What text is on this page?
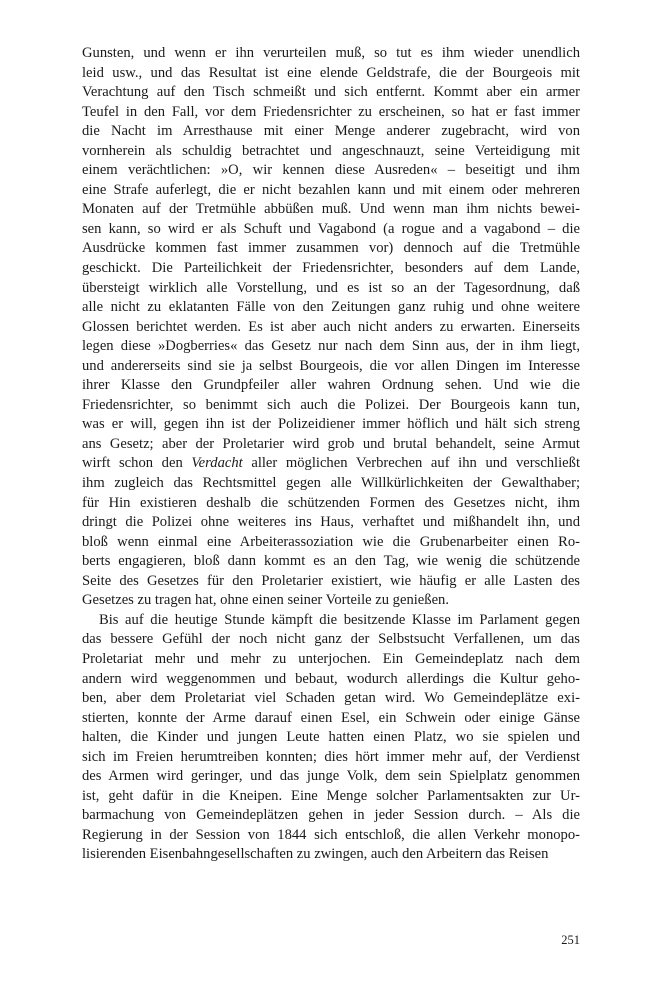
Gunsten, und wenn er ihn verurteilen muß, so tut es ihm wieder unendlich
leid usw., und das Resultat ist eine elende Geldstrafe, die der Bourgeois mit
Verachtung auf den Tisch schmeißt und sich entfernt. Kommt aber ein armer
Teufel in den Fall, vor dem Friedensrichter zu erscheinen, so hat er fast immer
die Nacht im Arresthause mit einer Menge anderer zugebracht, wird von
vornherein als schuldig betrachtet und angeschnauzt, seine Verteidigung mit
einem verächtlichen: »O, wir kennen diese Ausreden« – beseitigt und ihm
eine Strafe auferlegt, die er nicht bezahlen kann und mit einem oder mehreren
Monaten auf der Tretmühle abbüßen muß. Und wenn man ihm nichts bewei-
sen kann, so wird er als Schuft und Vagabond (a rogue and a vagabond – die
Ausdrücke kommen fast immer zusammen vor) dennoch auf die Tretmühle
geschickt. Die Parteilichkeit der Friedensrichter, besonders auf dem Lande,
übersteigt wirklich alle Vorstellung, und es ist so an der Tagesordnung, daß
alle nicht zu eklatanten Fälle von den Zeitungen ganz ruhig und ohne weitere
Glossen berichtet werden. Es ist aber auch nicht anders zu erwarten. Einerseits
legen diese »Dogberries« das Gesetz nur nach dem Sinn aus, der in ihm liegt,
und andererseits sind sie ja selbst Bourgeois, die vor allen Dingen im Interesse
ihrer Klasse den Grundpfeiler aller wahren Ordnung sehen. Und wie die
Friedensrichter, so benimmt sich auch die Polizei. Der Bourgeois kann tun,
was er will, gegen ihn ist der Polizeidiener immer höflich und hält sich streng
ans Gesetz; aber der Proletarier wird grob und brutal behandelt, seine Armut
wirft schon den Verdacht aller möglichen Verbrechen auf ihn und verschließt
ihm zugleich das Rechtsmittel gegen alle Willkürlichkeiten der Gewalthaber;
für Hin existieren deshalb die schützenden Formen des Gesetzes nicht, ihm
dringt die Polizei ohne weiteres ins Haus, verhaftet und mißhandelt ihn, und
bloß wenn einmal eine Arbeiterassoziation wie die Grubenarbeiter einen Ro-
berts engagieren, bloß dann kommt es an den Tag, wie wenig die schützende
Seite des Gesetzes für den Proletarier existiert, wie häufig er alle Lasten des
Gesetzes zu tragen hat, ohne einen seiner Vorteile zu genießen.
Bis auf die heutige Stunde kämpft die besitzende Klasse im Parlament gegen
das bessere Gefühl der noch nicht ganz der Selbstsucht Verfallenen, um das
Proletariat mehr und mehr zu unterjochen. Ein Gemeindeplatz nach dem
andern wird weggenommen und bebaut, wodurch allerdings die Kultur geho-
ben, aber dem Proletariat viel Schaden getan wird. Wo Gemeindeplätze exi-
stierten, konnte der Arme darauf einen Esel, ein Schwein oder einige Gänse
halten, die Kinder und jungen Leute hatten einen Platz, wo sie spielen und
sich im Freien herumtreiben konnten; dies hört immer mehr auf, der Verdienst
des Armen wird geringer, und das junge Volk, dem sein Spielplatz genommen
ist, geht dafür in die Kneipen. Eine Menge solcher Parlamentsakten zur Ur-
barmachung von Gemeindeplätzen gehen in jeder Session durch. – Als die
Regierung in der Session von 1844 sich entschloß, die allen Verkehr monopo-
lisierenden Eisenbahngesellschaften zu zwingen, auch den Arbeitern das Reisen
251
